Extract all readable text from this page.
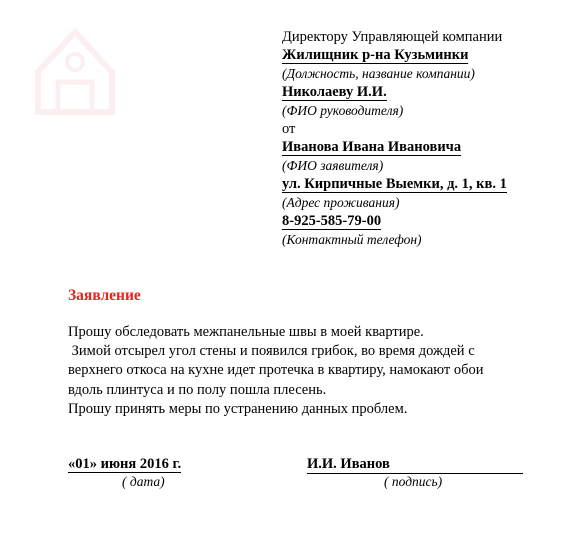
Директору Управляющей компании
Жилищник р-на Кузьминки
(Должность, название компании)
Николаеву И.И.
(ФИО руководителя)
от
Иванова Ивана Ивановича
(ФИО заявителя)
ул. Кирпичные Выемки, д. 1, кв. 1
(Адрес проживания)
8-925-585-79-00
(Контактный телефон)
Заявление
Прошу обследовать межпанельные швы в моей квартире.
Зимой отсырел угол стены и появился грибок, во время дождей с
верхнего откоса на кухне идет протечка в квартиру, намокают обои
вдоль плинтуса и по полу пошла плесень.
Прошу принять меры по устранению данных проблем.
«01» июня 2016 г.
( дата)
И.И. Иванов
( подпись)
